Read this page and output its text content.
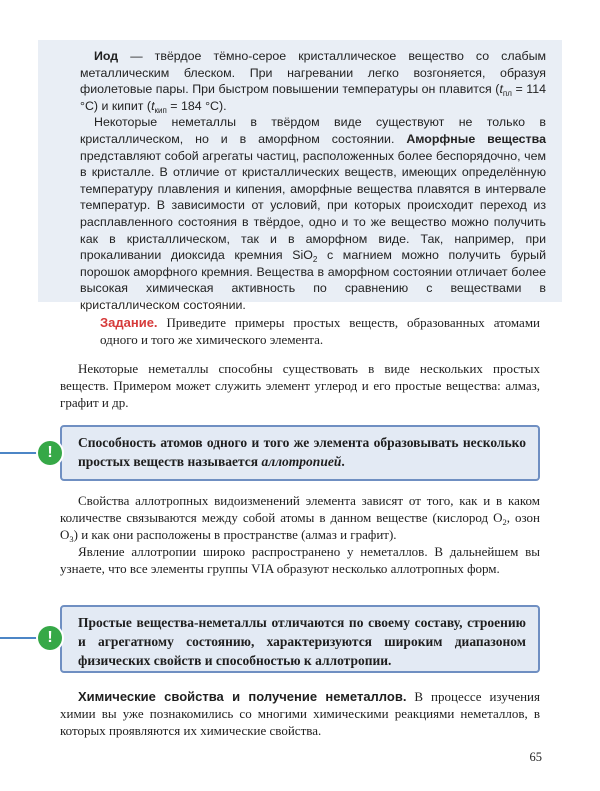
Иод — твёрдое тёмно-серое кристаллическое вещество со слабым металлическим блеском. При нагревании легко возгоняется, образуя фиолетовые пары. При быстром повышении температуры он плавится ($t_{пл} = 114$ °C) и кипит ($t_{кип} = 184$ °C).

Некоторые неметаллы в твёрдом виде существуют не только в кристаллическом, но и в аморфном состоянии. Аморфные вещества представляют собой агрегаты частиц, расположенных более беспорядочно, чем в кристалле. В отличие от кристаллических веществ, имеющих определённую температуру плавления и кипения, аморфные вещества плавятся в интервале температур. В зависимости от условий, при которых происходит переход из расплавленного состояния в твёрдое, одно и то же вещество можно получить как в кристаллическом, так и в аморфном виде. Так, например, при прокаливании диоксида кремния SiO$_2$ с магнием можно получить бурый порошок аморфного кремния. Вещества в аморфном состоянии отличает более высокая химическая активность по сравнению с веществами в кристаллическом состоянии.

Задание. Приведите примеры простых веществ, образованных атомами одного и того же химического элемента.

Некоторые неметаллы способны существовать в виде нескольких простых веществ. Примером может служить элемент углерод и его простые вещества: алмаз, графит и др.

Способность атомов одного и того же элемента образовывать несколько простых веществ называется аллотропией.
!

Свойства аллотропных видоизменений элемента зависят от того, как и в каком количестве связываются между собой атомы в данном веществе (кислород $O_2$, озон $O_3$) и как они расположены в пространстве (алмаз и графит).

Явление аллотропии широко распространено у неметаллов. В дальнейшем вы узнаете, что все элементы группы VIA образуют несколько аллотропных форм.

Простые вещества-неметаллы отличаются по своему составу, строению и агрегатному состоянию, характеризуются широким диапазоном физических свойств и способностью к аллотропии.
!

Химические свойства и получение неметаллов. В процессе изучения химии вы уже познакомились со многими химическими реакциями неметаллов, в которых проявляются их химические свойства.

65
